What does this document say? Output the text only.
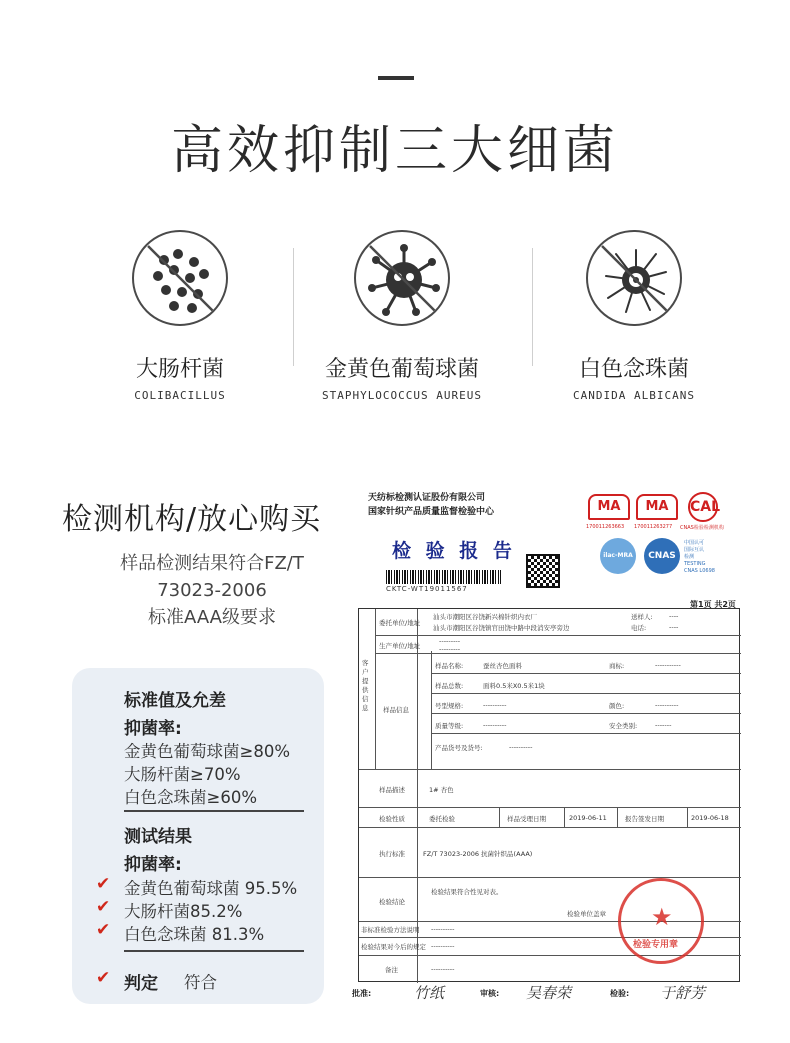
高效抑制三大细菌
大肠杆菌
COLIBACILLUS
金黄色葡萄球菌
STAPHYLOCOCCUS AUREUS
白色念珠菌
CANDIDA ALBICANS
检测机构/放心购买
样品检测结果符合FZ/T
73023-2006
标准AAA级要求
标准值及允差
抑菌率:
金黄色葡萄球菌≥80%
大肠杆菌≥70%
白色念珠菌≥60%
测试结果
抑菌率:
✔ 金黄色葡萄球菌 95.5%
✔ 大肠杆菌85.2%
✔ 白色念珠菌 81.3%
✔ 判定 符合
天纺标检测认证股份有限公司
国家针织产品质量监督检验中心
检 验 报 告
CKTC-WT19011567
MA
170011263663
MA
170011263277
CAL
CNAS检验检测机构
ilac-MRA	CNAS
中国认可
国际互认
检测
TESTING
CNAS L0698
第1页 共2页
客户提供信息
委托单位/地址
汕头市潮阳区谷饶新兴棉针织内衣厂
汕头市潮阳区谷饶镇官田饶中路中段消安亭旁边
送样人:	----
电话:	----
生产单位/地址
---------
---------
样品信息
样品名称:	蚕丝杏色面料	商标:	-----------
样品总数:	面料0.5米X0.5米1块
号型规格:	----------	颜色:	----------
质量等级:	----------	安全类别:	-------
产品货号及货号:	----------
样品描述	1# 杏色
检验性质	委托检验	样品受理日期	2019-06-11	报告签发日期	2019-06-18
执行标准	FZ/T 73023-2006 抗菌针织品(AAA)
检验结论
检验结果符合性见对表。
检验单位盖章
非标准检验方法说明 ----------
检验结果对今后的规定 ----------
备注	----------
★
检验专用章
批准:	竹纸	审核: 吴春荣	检验: 于舒芳
